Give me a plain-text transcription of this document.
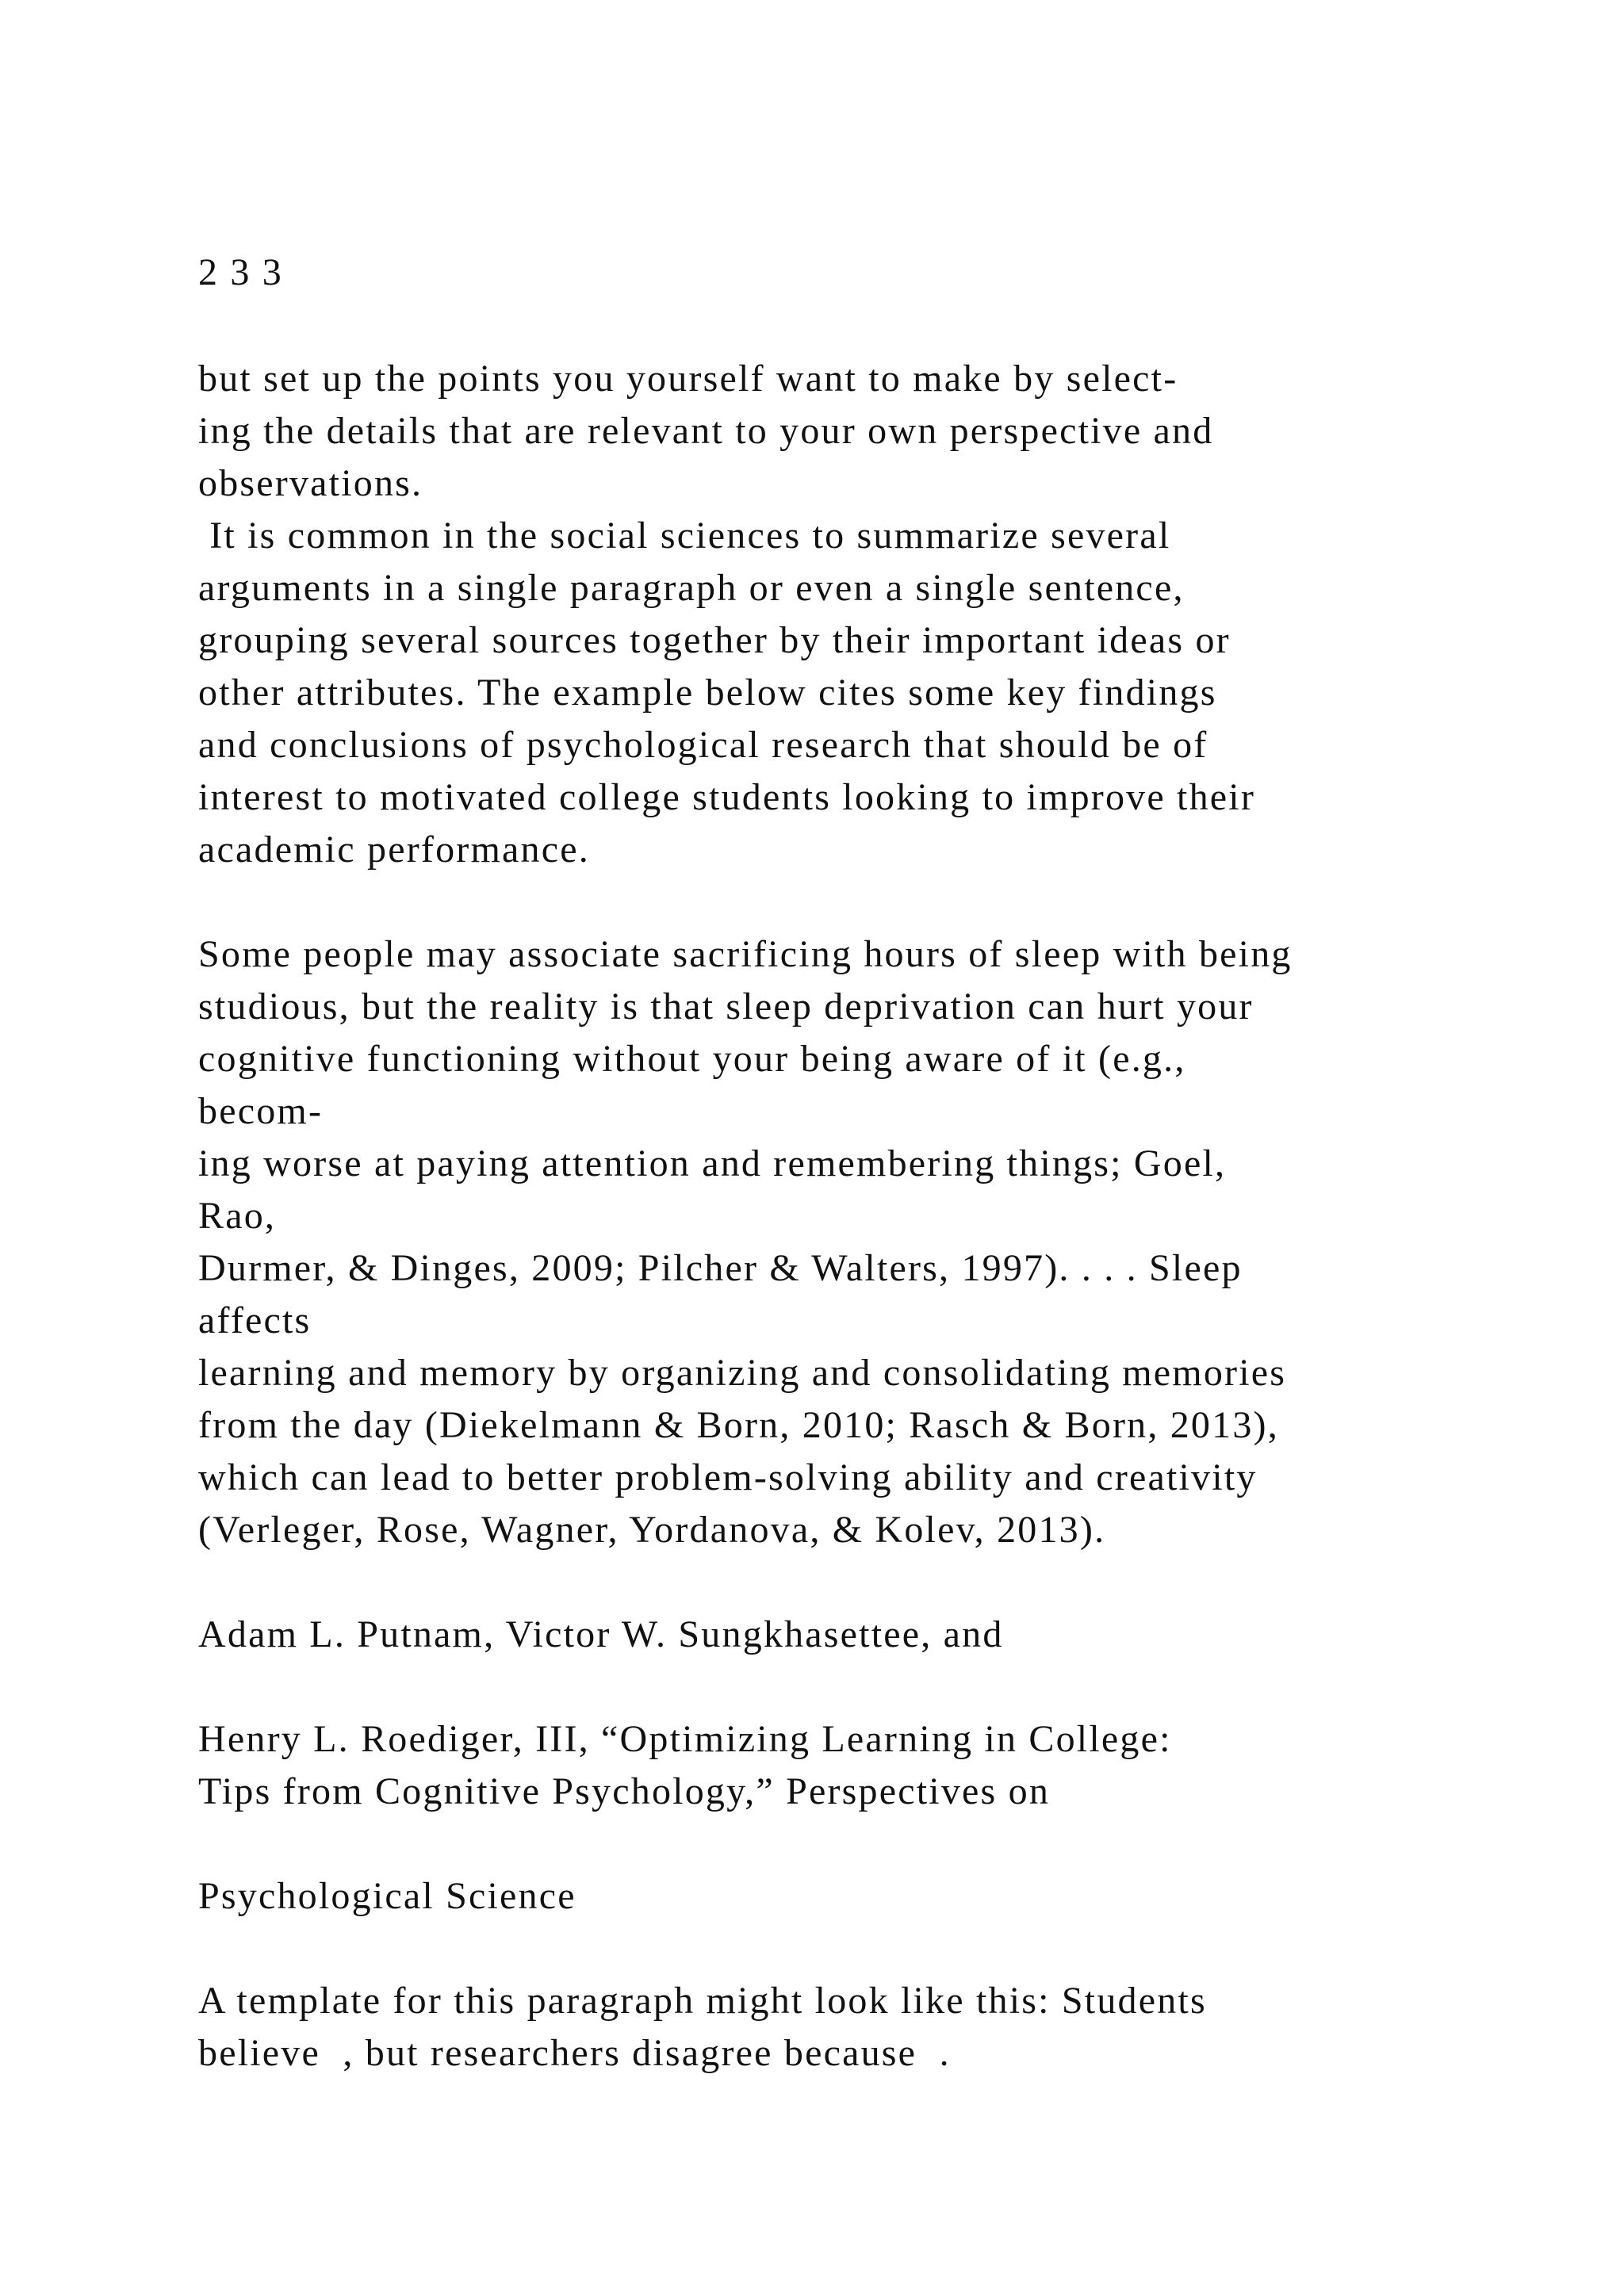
2 3 3
but set up the points you yourself want to make by select-
ing the details that are relevant to your own perspective and
observations.
It is common in the social sciences to summarize several
arguments in a single paragraph or even a single sentence,
grouping several sources together by their important ideas or
other attributes. The example below cites some key findings
and conclusions of psychological research that should be of
interest to motivated college students looking to improve their
academic performance.
Some people may associate sacrificing hours of sleep with being
studious, but the reality is that sleep deprivation can hurt your
cognitive functioning without your being aware of it (e.g.,
becom-
ing worse at paying attention and remembering things; Goel,
Rao,
Durmer, & Dinges, 2009; Pilcher & Walters, 1997). . . . Sleep
affects
learning and memory by organizing and consolidating memories
from the day (Diekelmann & Born, 2010; Rasch & Born, 2013),
which can lead to better problem-solving ability and creativity
(Verleger, Rose, Wagner, Yordanova, & Kolev, 2013).
Adam L. Putnam, Victor W. Sungkhasettee, and
Henry L. Roediger, III, “Optimizing Learning in College:
Tips from Cognitive Psychology,” Perspectives on
Psychological Science
A template for this paragraph might look like this: Students
believe  , but researchers disagree because  .
